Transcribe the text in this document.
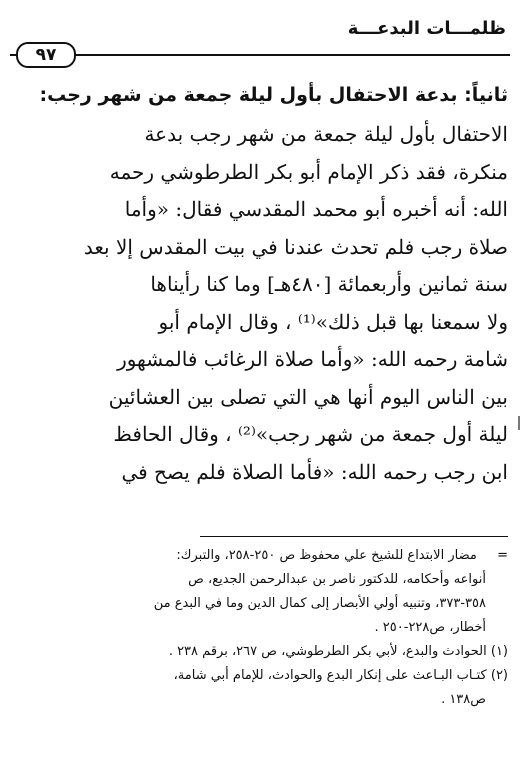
ظلمـــات البدعـــة
٩٧
ثانياً: بدعة الاحتفال بأول ليلة جمعة من شهر رجب:
الاحتفال بأول ليلة جمعة من شهر رجب بدعة
منكرة، فقد ذكر الإمام أبو بكر الطرطوشي رحمه
الله: أنه أخبره أبو محمد المقدسي فقال: «وأما
صلاة رجب فلم تحدث عندنا في بيت المقدس إلا بعد
سنة ثمانين وأربعمائة [٤٨٠هـ] وما كنا رأيناها
ولا سمعنا بها قبل ذلك»⁽¹⁾ ، وقال الإمام أبو
شامة رحمه الله: «وأما صلاة الرغائب فالمشهور
بين الناس اليوم أنها هي التي تصلى بين العشائين
ليلة أول جمعة من شهر رجب»⁽²⁾ ، وقال الحافظ
ابن رجب رحمه الله: «فأما الصلاة فلم يصح في
=  مضار الابتداع للشيخ علي محفوظ ص ٢٥٠-٢٥٨، والتبرك:
أنواعه وأحكامه، للدكتور ناصر بن عبدالرحمن الجديع، ص
٣٥٨-٣٧٣، وتنبيه أولي الأبصار إلى كمال الدين وما في البدع من
أخطار، ص٢٢٨-٢٥٠ .
(١) الحوادث والبدع، لأبي بكر الطرطوشي، ص ٢٦٧، برقم ٢٣٨ .
(٢) كتـاب البـاعث على إنكار البدع والحوادث، للإمام أبي شامة،
ص١٣٨ .
